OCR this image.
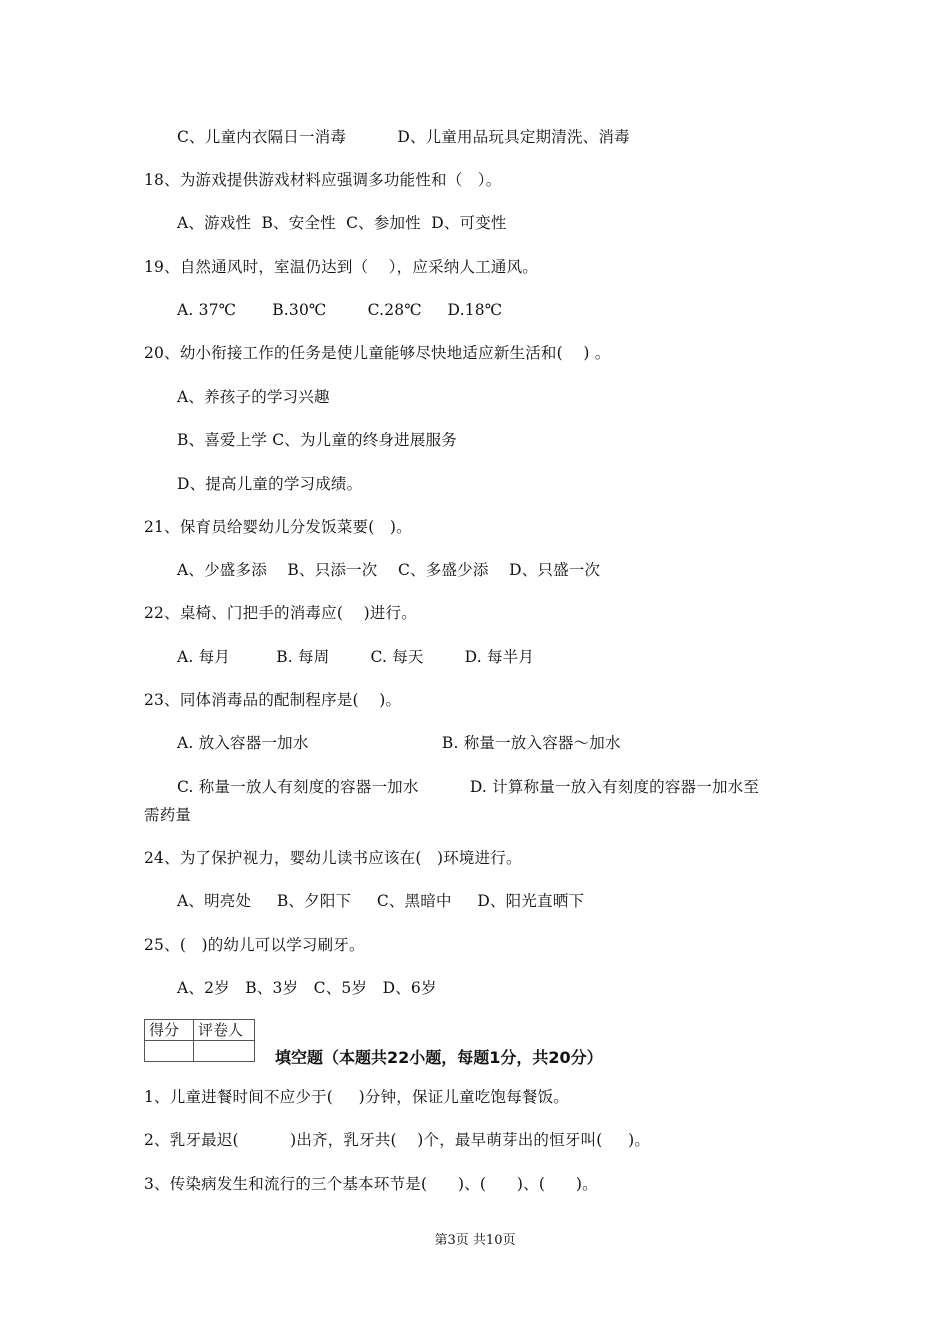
C、儿童内衣隔日一消毒          D、儿童用品玩具定期清洗、消毒
18、为游戏提供游戏材料应强调多功能性和（   ）。
A、游戏性  B、安全性  C、参加性  D、可变性
19、自然通风时，室温仍达到（    ），应采纳人工通风。
A. 37℃       B.30℃        C.28℃     D.18℃
20、幼小衔接工作的任务是使儿童能够尽快地适应新生活和(    ) 。
A、养孩子的学习兴趣
B、喜爱上学 C、为儿童的终身进展服务
D、提高儿童的学习成绩。
21、保育员给婴幼儿分发饭菜要(   )。
A、少盛多添    B、只添一次    C、多盛少添    D、只盛一次
22、桌椅、门把手的消毒应(    )进行。
A. 每月         B. 每周        C. 每天        D. 每半月
23、同体消毒品的配制程序是(    )。
A. 放入容器一加水                          B. 称量一放入容器～加水
C. 称量一放人有刻度的容器一加水          D. 计算称量一放入有刻度的容器一加水至
需药量
24、为了保护视力，婴幼儿读书应该在(   )环境进行。
A、明亮处     B、夕阳下     C、黑暗中     D、阳光直晒下
25、(   )的幼儿可以学习刷牙。
A、2岁   B、3岁   C、5岁   D、6岁
得分	评卷人

填空题（本题共22小题，每题1分，共20分）
1、儿童进餐时间不应少于(     )分钟，保证儿童吃饱每餐饭。
2、乳牙最迟(          )出齐，乳牙共(    )个，最早萌芽出的恒牙叫(     )。
3、传染病发生和流行的三个基本环节是(      )、(      )、(      )。
第3页 共10页
